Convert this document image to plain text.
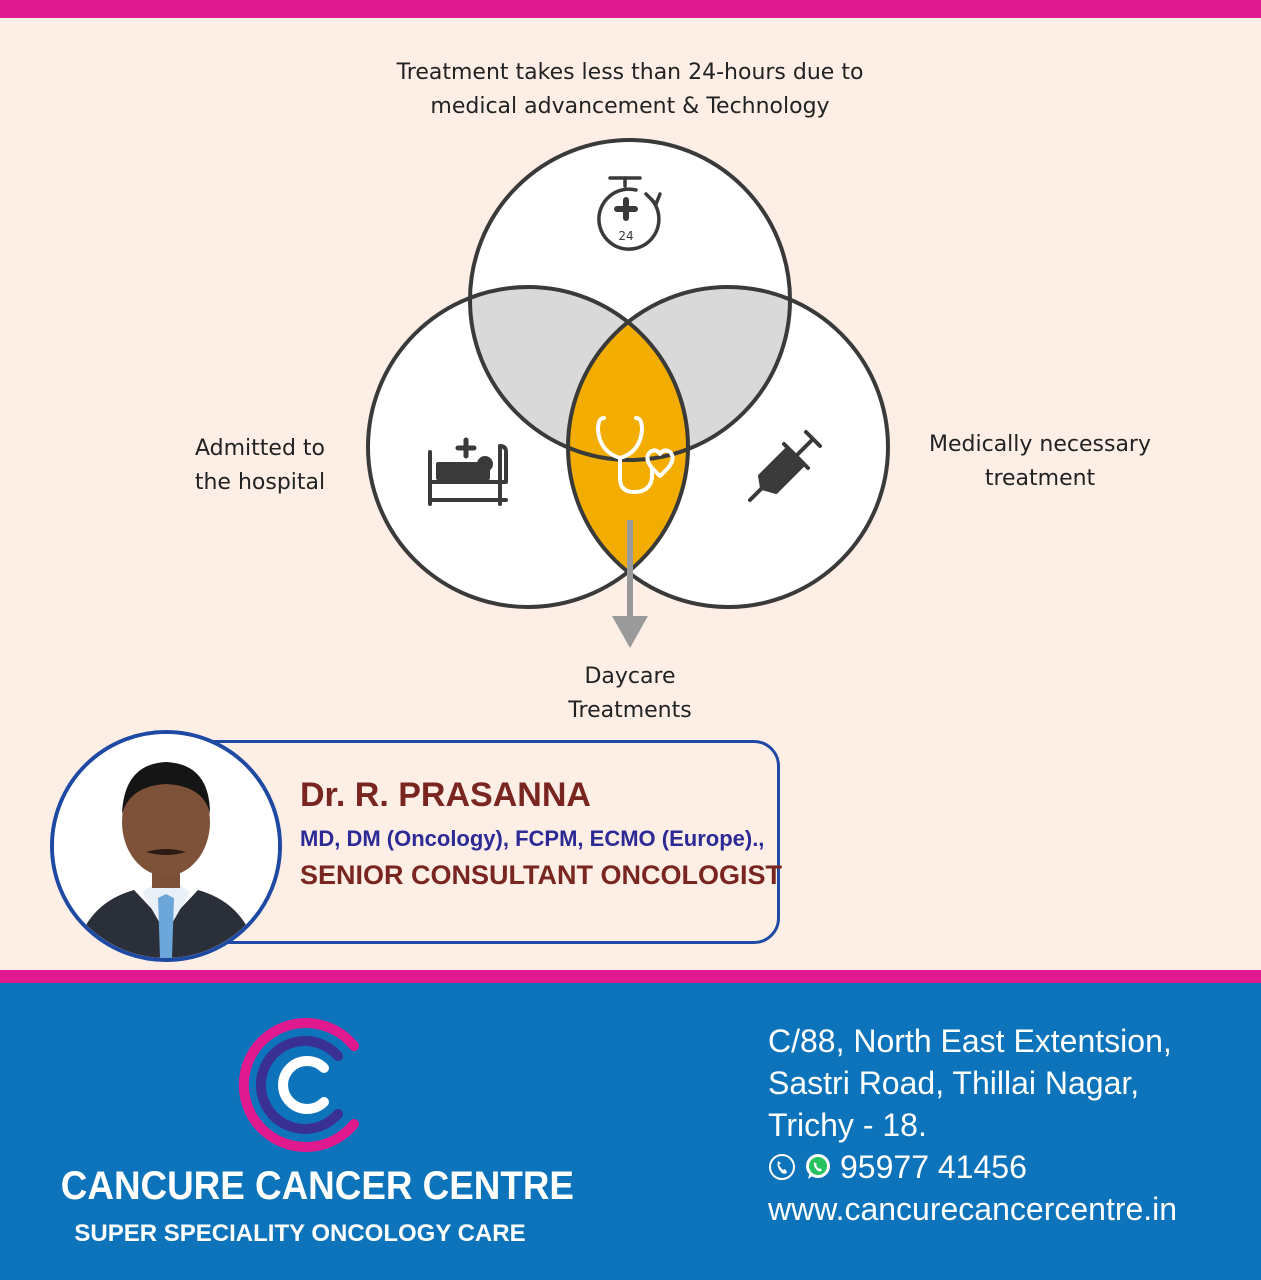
24
Treatment takes less than 24-hours due to
medical advancement & Technology
Admitted to
the hospital
Medically necessary
treatment
Daycare
Treatments
Dr. R. PRASANNA
MD, DM (Oncology), FCPM, ECMO (Europe).,
SENIOR CONSULTANT ONCOLOGIST
CANCURE CANCER CENTRE
SUPER SPECIALITY ONCOLOGY CARE
C/88, North East Extentsion,
Sastri Road, Thillai Nagar,
Trichy - 18.
95977 41456
www.cancurecancercentre.in
